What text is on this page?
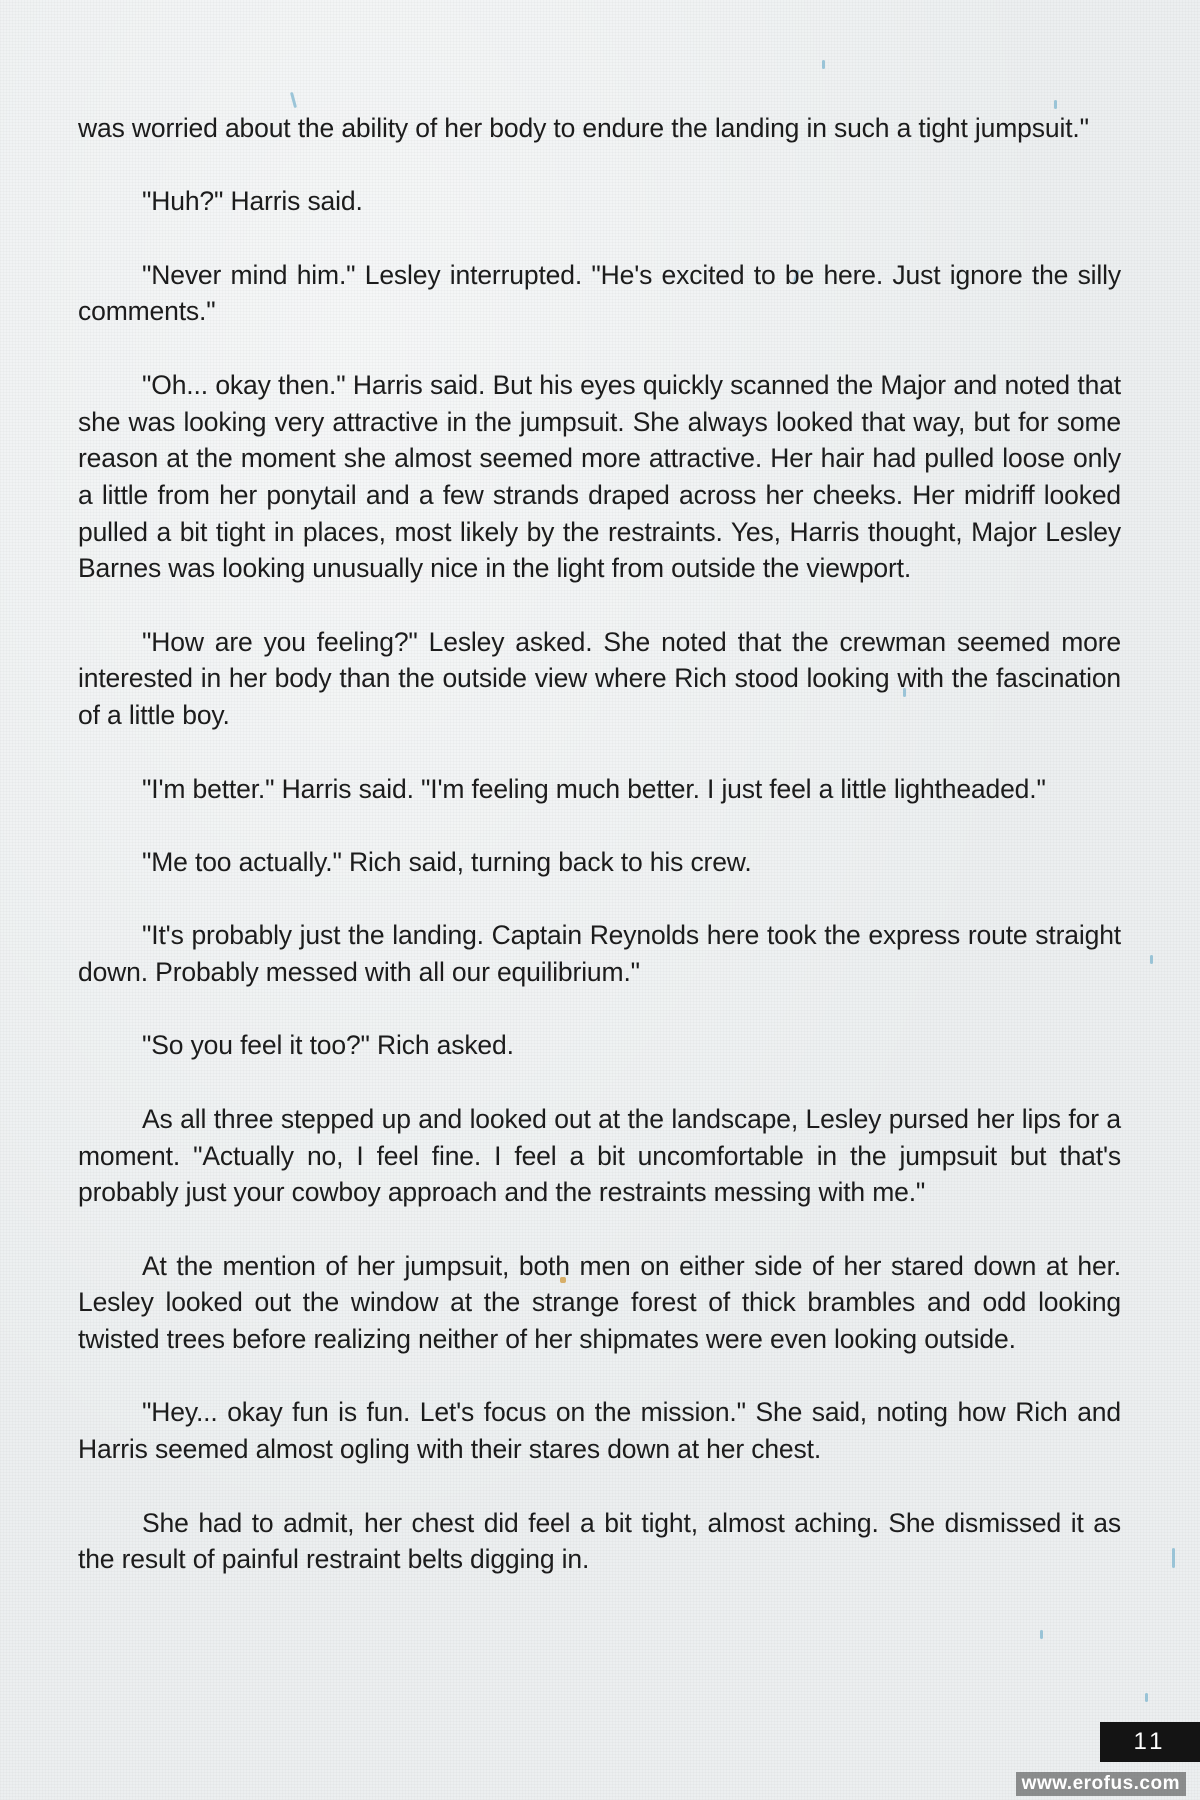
was worried about the ability of her body to endure the landing in such a tight jumpsuit."

"Huh?" Harris said.

"Never mind him." Lesley interrupted. "He's excited to be here. Just ignore the silly comments."

"Oh... okay then." Harris said. But his eyes quickly scanned the Major and noted that she was looking very attractive in the jumpsuit. She always looked that way, but for some reason at the moment she almost seemed more attractive. Her hair had pulled loose only a little from her ponytail and a few strands draped across her cheeks. Her midriff looked pulled a bit tight in places, most likely by the restraints. Yes, Harris thought, Major Lesley Barnes was looking unusually nice in the light from outside the viewport.

"How are you feeling?" Lesley asked. She noted that the crewman seemed more interested in her body than the outside view where Rich stood looking with the fascination of a little boy.

"I'm better." Harris said. "I'm feeling much better. I just feel a little lightheaded."

"Me too actually." Rich said, turning back to his crew.

"It's probably just the landing. Captain Reynolds here took the express route straight down. Probably messed with all our equilibrium."

"So you feel it too?" Rich asked.

As all three stepped up and looked out at the landscape, Lesley pursed her lips for a moment. "Actually no, I feel fine. I feel a bit uncomfortable in the jumpsuit but that's probably just your cowboy approach and the restraints messing with me."

At the mention of her jumpsuit, both men on either side of her stared down at her. Lesley looked out the window at the strange forest of thick brambles and odd looking twisted trees before realizing neither of her shipmates were even looking outside.

"Hey... okay fun is fun. Let's focus on the mission." She said, noting how Rich and Harris seemed almost ogling with their stares down at her chest.

She had to admit, her chest did feel a bit tight, almost aching. She dismissed it as the result of painful restraint belts digging in.

11
www.erofus.com
